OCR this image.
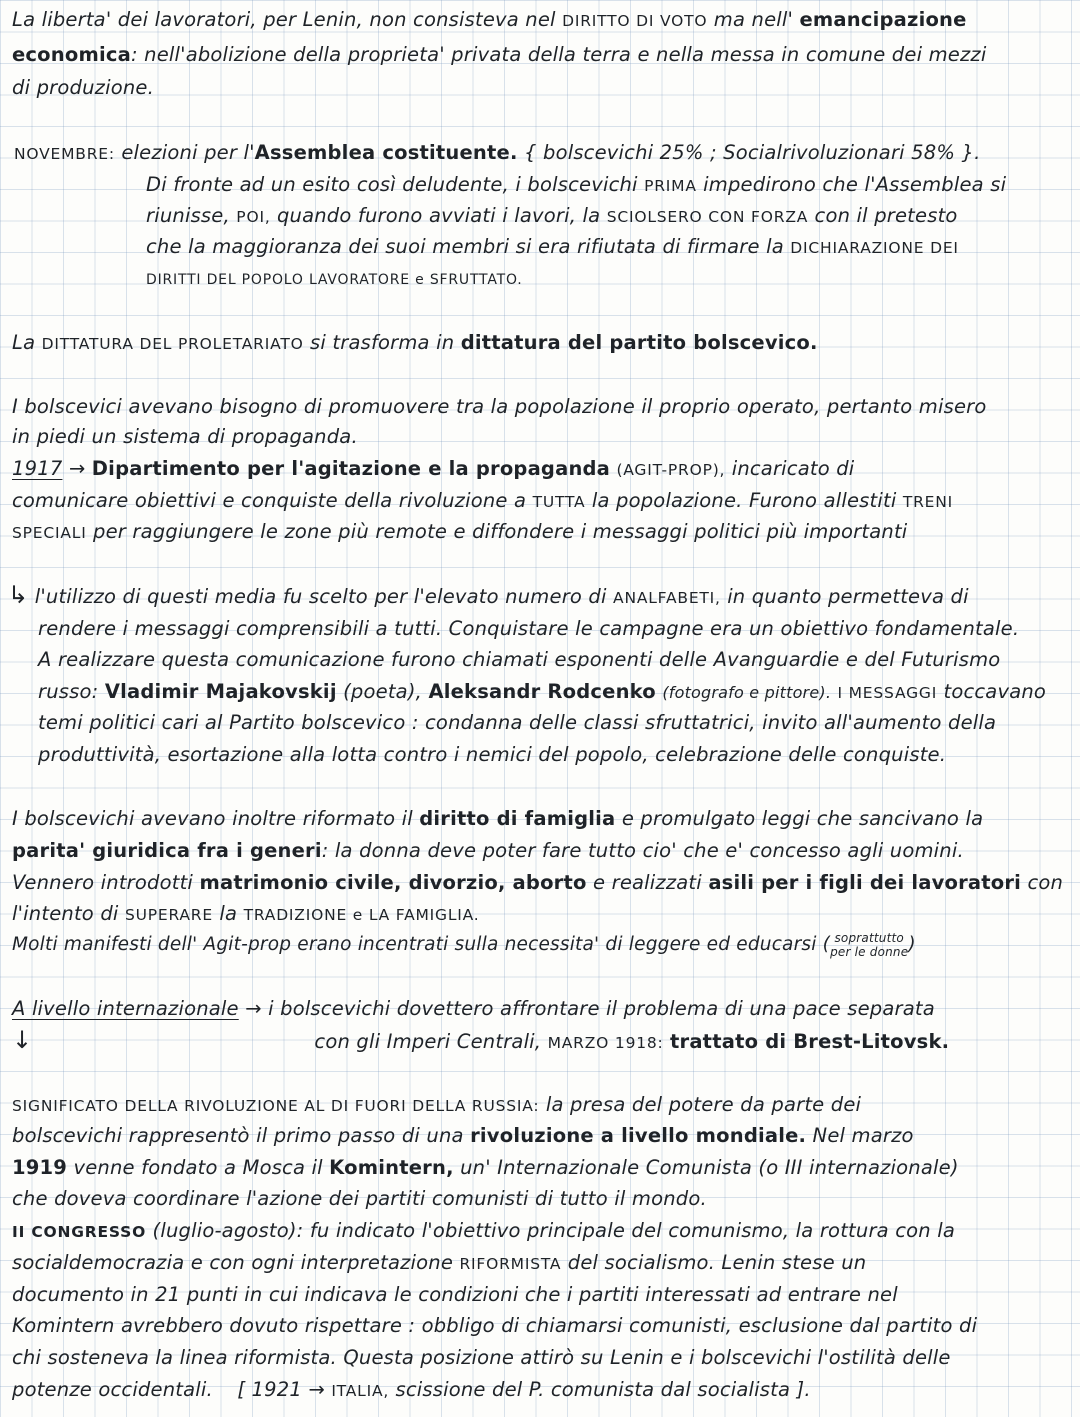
La liberta' dei lavoratori, per Lenin, non consisteva nel DIRITTO DI VOTO ma nell' emancipazione
economica: nell'abolizione della proprieta' privata della terra e nella messa in comune dei mezzi
di produzione.
NOVEMBRE: elezioni per l'Assemblea costituente. { bolscevichi 25% ; Socialrivoluzionari 58% }.
Di fronte ad un esito così deludente, i bolscevichi PRIMA impedirono che l'Assemblea si
riunisse, POI, quando furono avviati i lavori, la SCIOLSERO CON FORZA con il pretesto
che la maggioranza dei suoi membri si era rifiutata di firmare la DICHIARAZIONE DEI
DIRITTI DEL POPOLO LAVORATORE e SFRUTTATO.
La DITTATURA DEL PROLETARIATO si trasforma in dittatura del partito bolscevico.
I bolscevici avevano bisogno di promuovere tra la popolazione il proprio operato, pertanto misero
in piedi un sistema di propaganda.
1917 → Dipartimento per l'agitazione e la propaganda (AGIT-PROP), incaricato di
comunicare obiettivi e conquiste della rivoluzione a TUTTA la popolazione. Furono allestiti TRENI
SPECIALI per raggiungere le zone più remote e diffondere i messaggi politici più importanti
↳ l'utilizzo di questi media fu scelto per l'elevato numero di ANALFABETI, in quanto permetteva di
rendere i messaggi comprensibili a tutti. Conquistare le campagne era un obiettivo fondamentale.
A realizzare questa comunicazione furono chiamati esponenti delle Avanguardie e del Futurismo
russo: Vladimir Majakovskij (poeta), Aleksandr Rodcenko (fotografo e pittore). I MESSAGGI toccavano
temi politici cari al Partito bolscevico : condanna delle classi sfruttatrici, invito all'aumento della
produttività, esortazione alla lotta contro i nemici del popolo, celebrazione delle conquiste.
I bolscevichi avevano inoltre riformato il diritto di famiglia e promulgato leggi che sancivano la
parita' giuridica fra i generi: la donna deve poter fare tutto cio' che e' concesso agli uomini.
Vennero introdotti matrimonio civile, divorzio, aborto e realizzati asili per i figli dei lavoratori con
l'intento di SUPERARE la TRADIZIONE e LA FAMIGLIA.
Molti manifesti dell' Agit-prop erano incentrati sulla necessita' di leggere ed educarsi ( soprattutto
per le donne )
A livello internazionale → i bolscevichi dovettero affrontare il problema di una pace separata
↓	con gli Imperi Centrali, MARZO 1918: trattato di Brest-Litovsk.
SIGNIFICATO DELLA RIVOLUZIONE AL DI FUORI DELLA RUSSIA: la presa del potere da parte dei
bolscevichi rappresentò il primo passo di una rivoluzione a livello mondiale. Nel marzo
1919 venne fondato a Mosca il Komintern, un' Internazionale Comunista (o III internazionale)
che doveva coordinare l'azione dei partiti comunisti di tutto il mondo.
II CONGRESSO (luglio-agosto): fu indicato l'obiettivo principale del comunismo, la rottura con la
socialdemocrazia e con ogni interpretazione RIFORMISTA del socialismo. Lenin stese un
documento in 21 punti in cui indicava le condizioni che i partiti interessati ad entrare nel
Komintern avrebbero dovuto rispettare : obbligo di chiamarsi comunisti, esclusione dal partito di
chi sosteneva la linea riformista. Questa posizione attirò su Lenin e i bolscevichi l'ostilità delle
potenze occidentali. [ 1921 → ITALIA, scissione del P. comunista dal socialista ].
